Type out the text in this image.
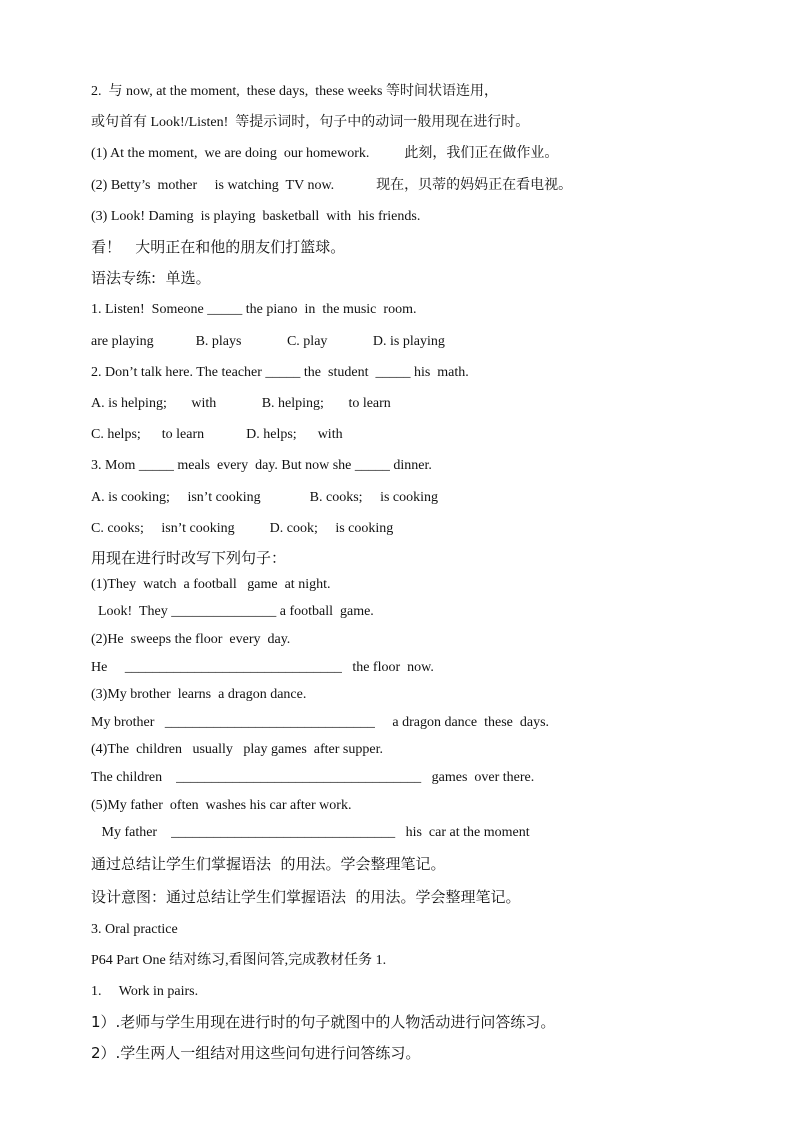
2.  与 now, at the moment,  these days,  these weeks 等时间状语连用，
或句首有 Look!/Listen!  等提示词时，句子中的动词一般用现在进行时。
(1) At the moment,  we are doing  our homework.          此刻，我们正在做作业。
(2) Betty’s  mother     is watching  TV now.            现在，贝蒂的妈妈正在看电视。
(3) Look! Daming  is playing  basketball  with  his friends.
看！   大明正在和他的朋友们打篮球。
语法专练:  单选。
1. Listen!  Someone _____ the piano  in  the music  room.
are playing            B. plays             C. play             D. is playing
2. Don’t talk here. The teacher _____ the  student  _____ his  math.
A. is helping;       with             B. helping;       to learn
C. helps;      to learn            D. helps;      with
3. Mom _____ meals  every  day. But now she _____ dinner.
A. is cooking;     isn’t cooking              B. cooks;     is cooking
C. cooks;     isn’t cooking          D. cook;     is cooking
用现在进行时改写下列句子：
(1)They  watch  a football   game  at night.
Look!  They _______________ a football  game.
(2)He  sweeps the floor  every  day.
He     _______________________________   the floor  now.
(3)My brother  learns  a dragon dance.
My brother   ______________________________     a dragon dance  these  days.
(4)The  children   usually   play games  after supper.
The children    ___________________________________   games  over there.
(5)My father  often  washes his car after work.
My father    ________________________________   his  car at the moment
通过总结让学生们掌握语法  的用法。学会整理笔记。
设计意图：通过总结让学生们掌握语法  的用法。学会整理笔记。
3. Oral practice
P64 Part One 结对练习,看图问答,完成教材任务 1.
1.     Work in pairs.
1）.老师与学生用现在进行时的句子就图中的人物活动进行问答练习。
2）.学生两人一组结对用这些问句进行问答练习。
